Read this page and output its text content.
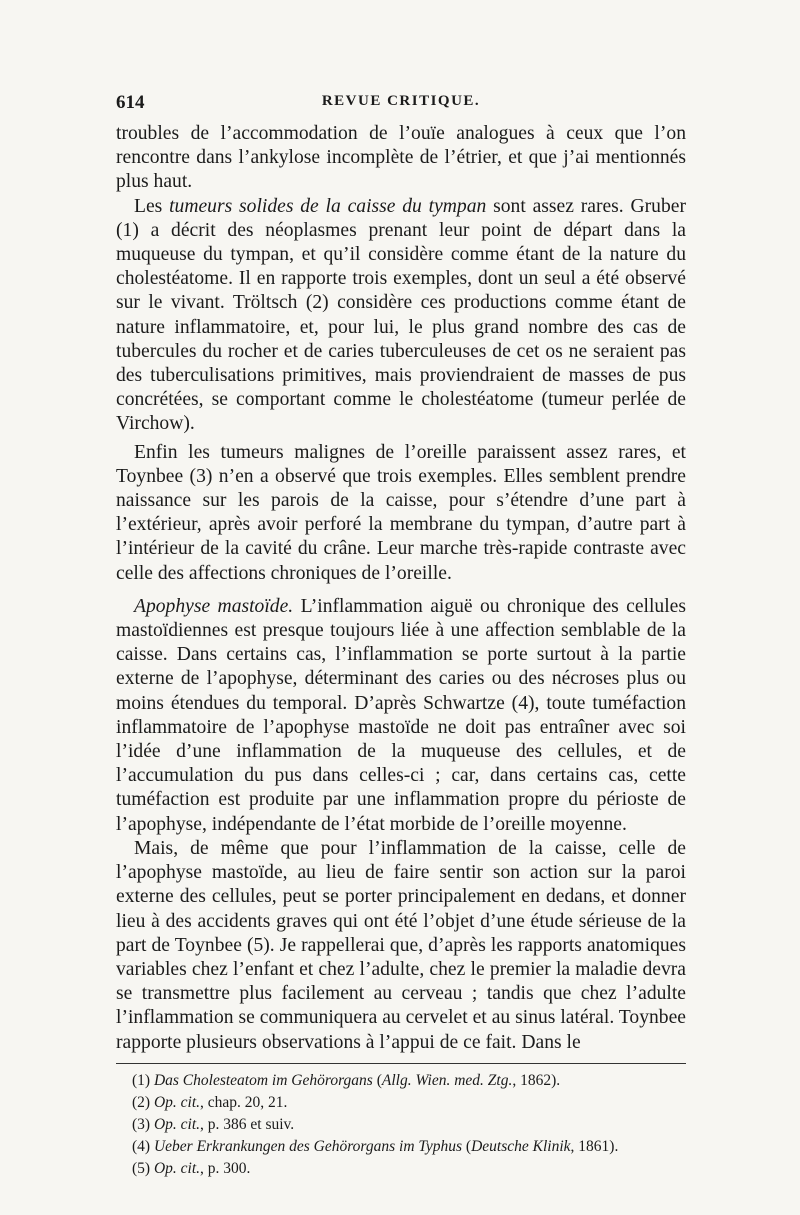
614	REVUE CRITIQUE.

troubles de l’accommodation de l’ouïe analogues à ceux que l’on rencontre dans l’ankylose incomplète de l’étrier, et que j’ai mentionnés plus haut.

Les tumeurs solides de la caisse du tympan sont assez rares. Gruber (1) a décrit des néoplasmes prenant leur point de départ dans la muqueuse du tympan, et qu’il considère comme étant de la nature du cholestéatome. Il en rapporte trois exemples, dont un seul a été observé sur le vivant. Tröltsch (2) considère ces productions comme étant de nature inflammatoire, et, pour lui, le plus grand nombre des cas de tubercules du rocher et de caries tuberculeuses de cet os ne seraient pas des tuberculisations primitives, mais proviendraient de masses de pus concrétées, se comportant comme le cholestéatome (tumeur perlée de Virchow).

Enfin les tumeurs malignes de l’oreille paraissent assez rares, et Toynbee (3) n’en a observé que trois exemples. Elles semblent prendre naissance sur les parois de la caisse, pour s’étendre d’une part à l’extérieur, après avoir perforé la membrane du tympan, d’autre part à l’intérieur de la cavité du crâne. Leur marche très-rapide contraste avec celle des affections chroniques de l’oreille.

Apophyse mastoïde. L’inflammation aiguë ou chronique des cellules mastoïdiennes est presque toujours liée à une affection semblable de la caisse. Dans certains cas, l’inflammation se porte surtout à la partie externe de l’apophyse, déterminant des caries ou des nécroses plus ou moins étendues du temporal. D’après Schwartze (4), toute tuméfaction inflammatoire de l’apophyse mastoïde ne doit pas entraîner avec soi l’idée d’une inflammation de la muqueuse des cellules, et de l’accumulation du pus dans celles-ci ; car, dans certains cas, cette tuméfaction est produite par une inflammation propre du périoste de l’apophyse, indépendante de l’état morbide de l’oreille moyenne.

Mais, de même que pour l’inflammation de la caisse, celle de l’apophyse mastoïde, au lieu de faire sentir son action sur la paroi externe des cellules, peut se porter principalement en dedans, et donner lieu à des accidents graves qui ont été l’objet d’une étude sérieuse de la part de Toynbee (5). Je rappellerai que, d’après les rapports anatomiques variables chez l’enfant et chez l’adulte, chez le premier la maladie devra se transmettre plus facilement au cerveau ; tandis que chez l’adulte l’inflammation se communiquera au cervelet et au sinus latéral. Toynbee rapporte plusieurs observations à l’appui de ce fait. Dans le

(1) Das Cholesteatom im Gehörorgans (Allg. Wien. med. Ztg., 1862).

(2) Op. cit., chap. 20, 21.

(3) Op. cit., p. 386 et suiv.

(4) Ueber Erkrankungen des Gehörorgans im Typhus (Deutsche Klinik, 1861).

(5) Op. cit., p. 300.
